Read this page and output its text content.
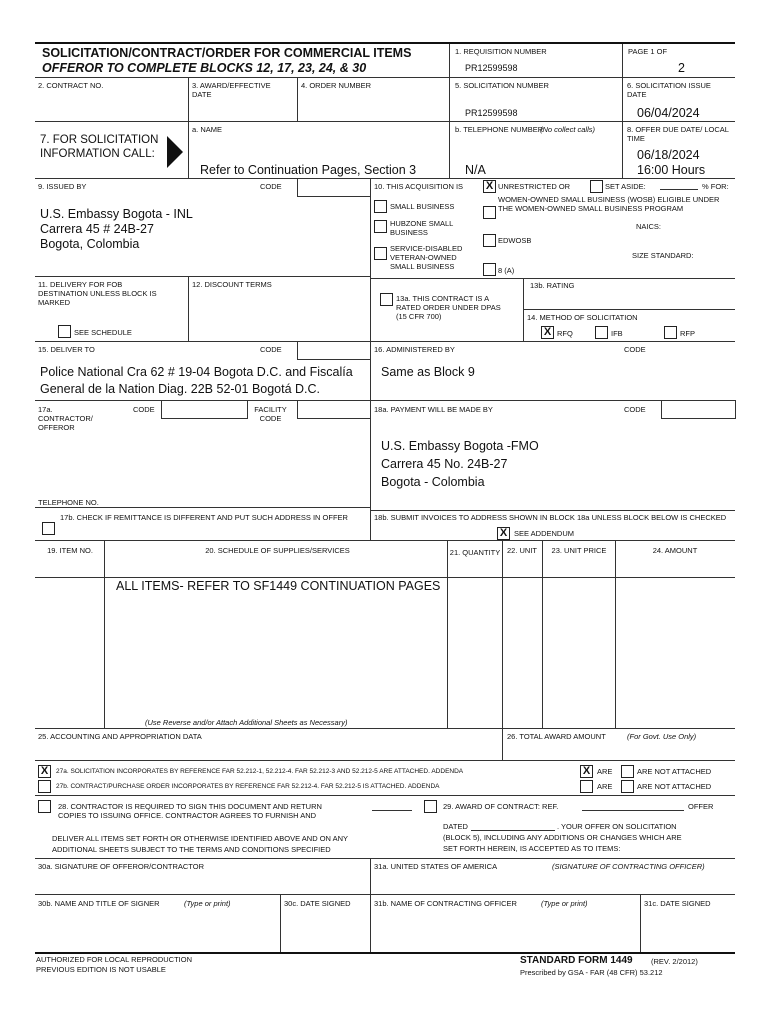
SOLICITATION/CONTRACT/ORDER FOR COMMERCIAL ITEMS
OFFEROR TO COMPLETE BLOCKS 12, 17, 23, 24, & 30
1. REQUISITION NUMBER
PR12599598
PAGE 1 OF
2
2. CONTRACT NO.	3. AWARD/EFFECTIVE DATE
4. ORDER NUMBER	5. SOLICITATION NUMBER
PR12599598
6. SOLICITATION ISSUE DATE
06/04/2024
7. FOR SOLICITATION INFORMATION CALL:
a. NAME
Refer to Continuation Pages, Section 3
b. TELEPHONE NUMBER
(No collect calls)
N/A
8. OFFER DUE DATE/ LOCAL TIME
06/18/2024
16:00 Hours
9. ISSUED BY	CODE
U.S. Embassy Bogota - INL
Carrera 45 # 24B-27
Bogota, Colombia
10. THIS ACQUISITION IS X UNRESTRICTED OR	SET ASIDE:	% FOR:
SMALL BUSINESS
HUBZONE SMALL BUSINESS
SERVICE-DISABLED VETERAN-OWNED SMALL BUSINESS
WOMEN-OWNED SMALL BUSINESS (WOSB) ELIGIBLE UNDER THE WOMEN-OWNED SMALL BUSINESS PROGRAM
NAICS:
EDWOSB
8 (A)
SIZE STANDARD:
11. DELIVERY FOR FOB DESTINATION UNLESS BLOCK IS MARKED
SEE SCHEDULE
12. DISCOUNT TERMS
13a. THIS CONTRACT IS A RATED ORDER UNDER DPAS (15 CFR 700)
13b. RATING
14. METHOD OF SOLICITATION
X RFQ	IFB	RFP
15. DELIVER TO	CODE
Police National Cra 62 # 19-04 Bogota D.C. and Fiscalía
General de la Nation Diag. 22B 52-01 Bogotá D.C.
16. ADMINISTERED BY	CODE
Same as Block 9
17a. CONTRACTOR/ OFFEROR
CODE	FACILITY CODE
TELEPHONE NO.
17b. CHECK IF REMITTANCE IS DIFFERENT AND PUT SUCH ADDRESS IN OFFER
18a. PAYMENT WILL BE MADE BY	CODE
U.S. Embassy Bogota -FMO
Carrera 45 No. 24B-27
Bogota - Colombia
18b. SUBMIT INVOICES TO ADDRESS SHOWN IN BLOCK 18a UNLESS BLOCK BELOW IS CHECKED
X SEE ADDENDUM
19. ITEM NO.	20. SCHEDULE OF SUPPLIES/SERVICES	21. QUANTITY 22. UNIT	23. UNIT PRICE	24. AMOUNT
ALL ITEMS- REFER TO SF1449 CONTINUATION PAGES
(Use Reverse and/or Attach Additional Sheets as Necessary)
25. ACCOUNTING AND APPROPRIATION DATA	26. TOTAL AWARD AMOUNT	(For Govt. Use Only)
X	27a. SOLICITATION INCORPORATES BY REFERENCE FAR 52.212-1, 52.212-4. FAR 52.212-3 AND 52.212-5 ARE ATTACHED. ADDENDA	X ARE	ARE NOT ATTACHED
27b. CONTRACT/PURCHASE ORDER INCORPORATES BY REFERENCE FAR 52.212-4. FAR 52.212-5 IS ATTACHED. ADDENDA	ARE	ARE NOT ATTACHED
28. CONTRACTOR IS REQUIRED TO SIGN THIS DOCUMENT AND RETURN
COPIES TO ISSUING OFFICE. CONTRACTOR AGREES TO FURNISH AND
DELIVER ALL ITEMS SET FORTH OR OTHERWISE IDENTIFIED ABOVE AND ON ANY
ADDITIONAL SHEETS SUBJECT TO THE TERMS AND CONDITIONS SPECIFIED
29. AWARD OF CONTRACT: REF.	OFFER
DATED	. YOUR OFFER ON SOLICITATION
(BLOCK 5), INCLUDING ANY ADDITIONS OR CHANGES WHICH ARE
SET FORTH HEREIN, IS ACCEPTED AS TO ITEMS:
30a. SIGNATURE OF OFFEROR/CONTRACTOR	31a. UNITED STATES OF AMERICA	(SIGNATURE OF CONTRACTING OFFICER)
30b. NAME AND TITLE OF SIGNER	(Type or print)	30c. DATE SIGNED	31b. NAME OF CONTRACTING OFFICER	(Type or print)	31c. DATE SIGNED
AUTHORIZED FOR LOCAL REPRODUCTION
PREVIOUS EDITION IS NOT USABLE
STANDARD FORM 1449 (REV. 2/2012)
Prescribed by GSA - FAR (48 CFR) 53.212
